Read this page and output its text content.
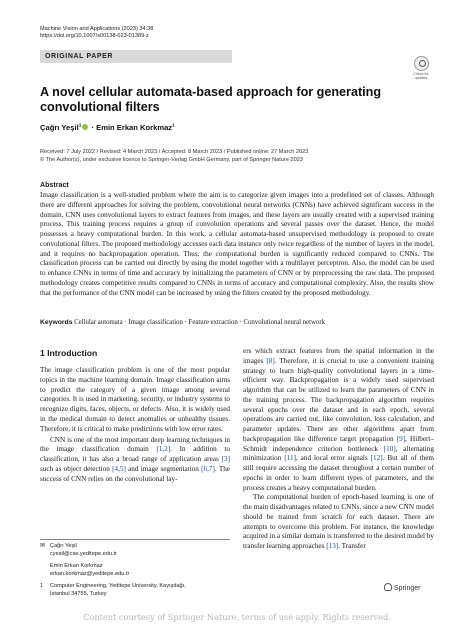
Machine Vision and Applications (2023) 34:38
https://doi.org/10.1007/s00138-023-01389-z
ORIGINAL PAPER
Check for
updates
A novel cellular automata-based approach for generating convolutional filters
Çağrı Yeşil$^1$ · Emin Erkan Korkmaz$^1$
Received: 7 July 2022 / Revised: 4 March 2023 / Accepted: 8 March 2023 / Published online: 27 March 2023
© The Author(s), under exclusive licence to Springer-Verlag GmbH Germany, part of Springer Nature 2023
Abstract
Image classification is a well-studied problem where the aim is to categorize given images into a predefined set of classes. Although there are different approaches for solving the problem, convolutional neural networks (CNNs) have achieved significant success in the domain. CNN uses convolutional layers to extract features from images, and these layers are usually created with a supervised training process. This training process requires a group of convolution operations and several passes over the dataset. Hence, the model possesses a heavy computational burden. In this work, a cellular automata-based unsupervised methodology is proposed to create convolutional filters. The proposed methodology accesses each data instance only twice regardless of the number of layers in the model, and it requires no backpropagation operation. Thus, the computational burden is significantly reduced compared to CNNs. The classification process can be carried out directly by using the model together with a multilayer perceptron. Also, the model can be used to enhance CNNs in terms of time and accuracy by initializing the parameters of CNN or by preprocessing the raw data. The proposed methodology creates competitive results compared to CNNs in terms of accuracy and computational complexity. Also, the results show that the performance of the CNN model can be increased by using the filters created by the proposed methodology.
Keywords Cellular automata · Image classification · Feature extraction · Convolutional neural network
1 Introduction

The image classification problem is one of the most popular topics in the machine learning domain. Image classification aims to predict the category of a given image among several categories. It is used in marketing, security, or industry systems to recognize digits, faces, objects, or defects. Also, it is widely used in the medical domain to detect anomalies or unhealthy tissues. Therefore, it is critical to make predictions with low error rates.

CNN is one of the most important deep learning techniques in the image classification domain [1,2]. In addition to classification, it has also a broad range of application areas [3] such as object detection [4,5] and image segmentation [6,7]. The success of CNN relies on the convolutional lay-

ers which extract features from the spatial information in the images [8]. Therefore, it is crucial to use a convenient training strategy to learn high-quality convolutional layers in a time-efficient way. Backpropagation is a widely used supervised algorithm that can be utilized to learn the parameters of CNN in the training process. The backpropagation algorithm requires several epochs over the dataset and in each epoch, several operations are carried out, like convolution, loss calculation, and parameter updates. There are other algorithms apart from backpropagation like difference target propagation [9], Hilbert–Schmidt independence criterion bottleneck [10], alternating minimization [11], and local error signals [12]. But all of them still require accessing the dataset throughout a certain number of epochs in order to learn different types of parameters, and the process creates a heavy computational burden.

The computational burden of epoch-based learning is one of the main disadvantages related to CNNs, since a new CNN model should be trained from scratch for each dataset. There are attempts to overcome this problem. For instance, the knowledge acquired in a similar domain is transferred to the desired model by transfer learning approaches [13]. Transfer

✉ Çağrı Yeşil
cyesil@cse.yeditepe.edu.tr
Emin Erkan Korkmaz
erkan.korkmaz@yeditepe.edu.tr
1	Computer Engineering, Yeditepe University, Kayışdağı,
İstanbul 34755, Turkey
Springer
Content courtesy of Springer Nature, terms of use apply. Rights reserved.
